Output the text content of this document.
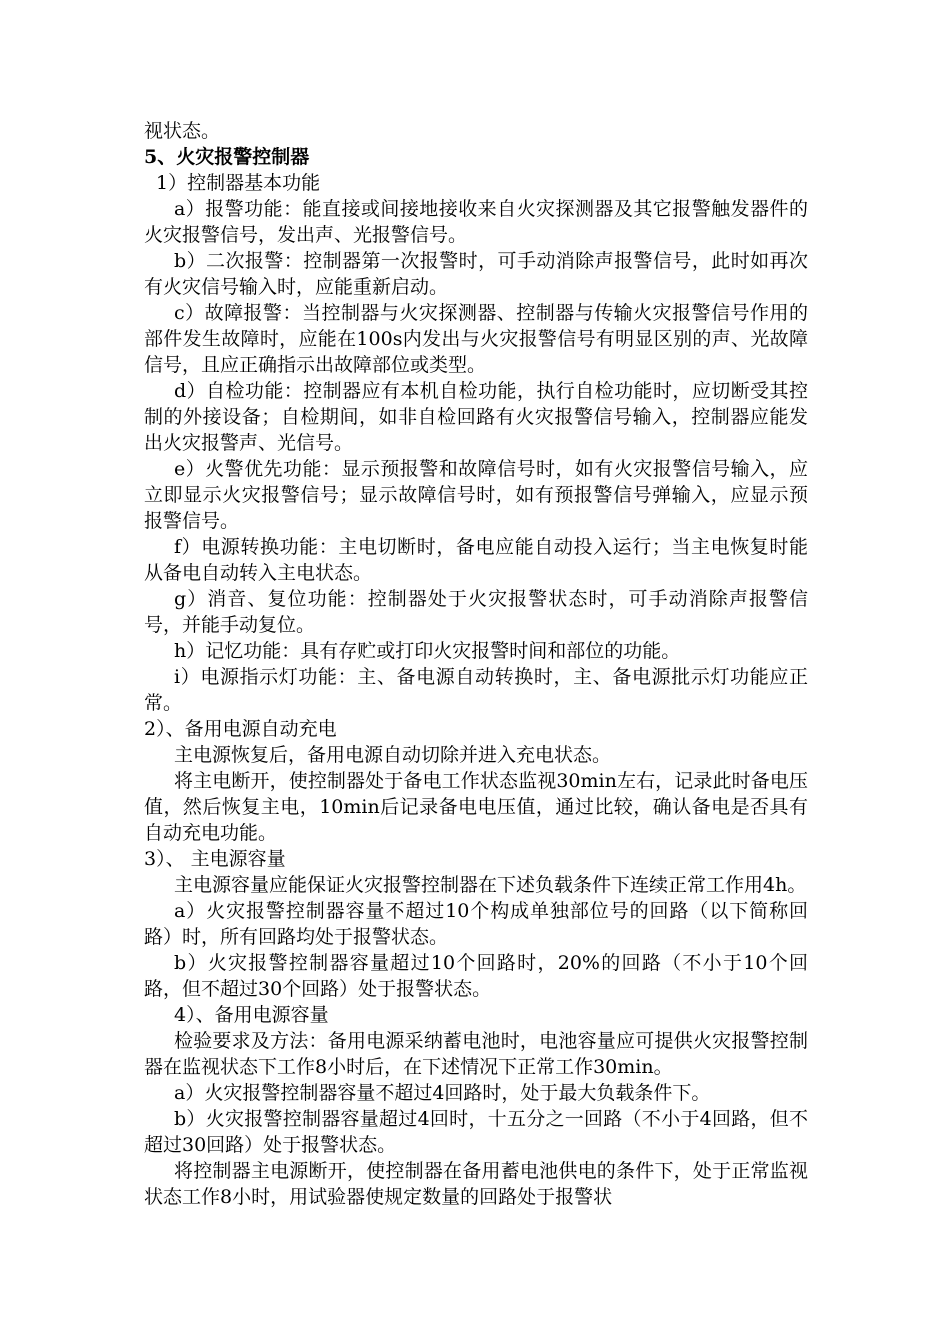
视状态。

5、火灾报警控制器

1）控制器基本功能

a）报警功能：能直接或间接地接收来自火灾探测器及其它报警触发器件的火灾报警信号，发出声、光报警信号。

b）二次报警：控制器第一次报警时，可手动消除声报警信号，此时如再次有火灾信号输入时，应能重新启动。

c）故障报警：当控制器与火灾探测器、控制器与传输火灾报警信号作用的部件发生故障时，应能在100s内发出与火灾报警信号有明显区别的声、光故障信号，且应正确指示出故障部位或类型。

d）自检功能：控制器应有本机自检功能，执行自检功能时，应切断受其控制的外接设备；自检期间，如非自检回路有火灾报警信号输入，控制器应能发出火灾报警声、光信号。

e）火警优先功能：显示预报警和故障信号时，如有火灾报警信号输入，应立即显示火灾报警信号；显示故障信号时，如有预报警信号弹输入，应显示预报警信号。

f）电源转换功能：主电切断时，备电应能自动投入运行；当主电恢复时能从备电自动转入主电状态。

g）消音、复位功能：控制器处于火灾报警状态时，可手动消除声报警信号，并能手动复位。

h）记忆功能：具有存贮或打印火灾报警时间和部位的功能。

i）电源指示灯功能：主、备电源自动转换时，主、备电源批示灯功能应正常。

2）、备用电源自动充电

主电源恢复后，备用电源自动切除并进入充电状态。

将主电断开，使控制器处于备电工作状态监视30min左右，记录此时备电压值，然后恢复主电，10min后记录备电电压值，通过比较，确认备电是否具有自动充电功能。

3）、 主电源容量

主电源容量应能保证火灾报警控制器在下述负载条件下连续正常工作用4h。

a）火灾报警控制器容量不超过10个构成单独部位号的回路（以下简称回路）时，所有回路均处于报警状态。

b）火灾报警控制器容量超过10个回路时，20%的回路（不小于10个回路，但不超过30个回路）处于报警状态。

4）、备用电源容量

检验要求及方法：备用电源采纳蓄电池时，电池容量应可提供火灾报警控制器在监视状态下工作8小时后，在下述情况下正常工作30min。

a）火灾报警控制器容量不超过4回路时，处于最大负载条件下。

b）火灾报警控制器容量超过4回时，十五分之一回路（不小于4回路，但不超过30回路）处于报警状态。

将控制器主电源断开，使控制器在备用蓄电池供电的条件下，处于正常监视状态工作8小时，用试验器使规定数量的回路处于报警状
